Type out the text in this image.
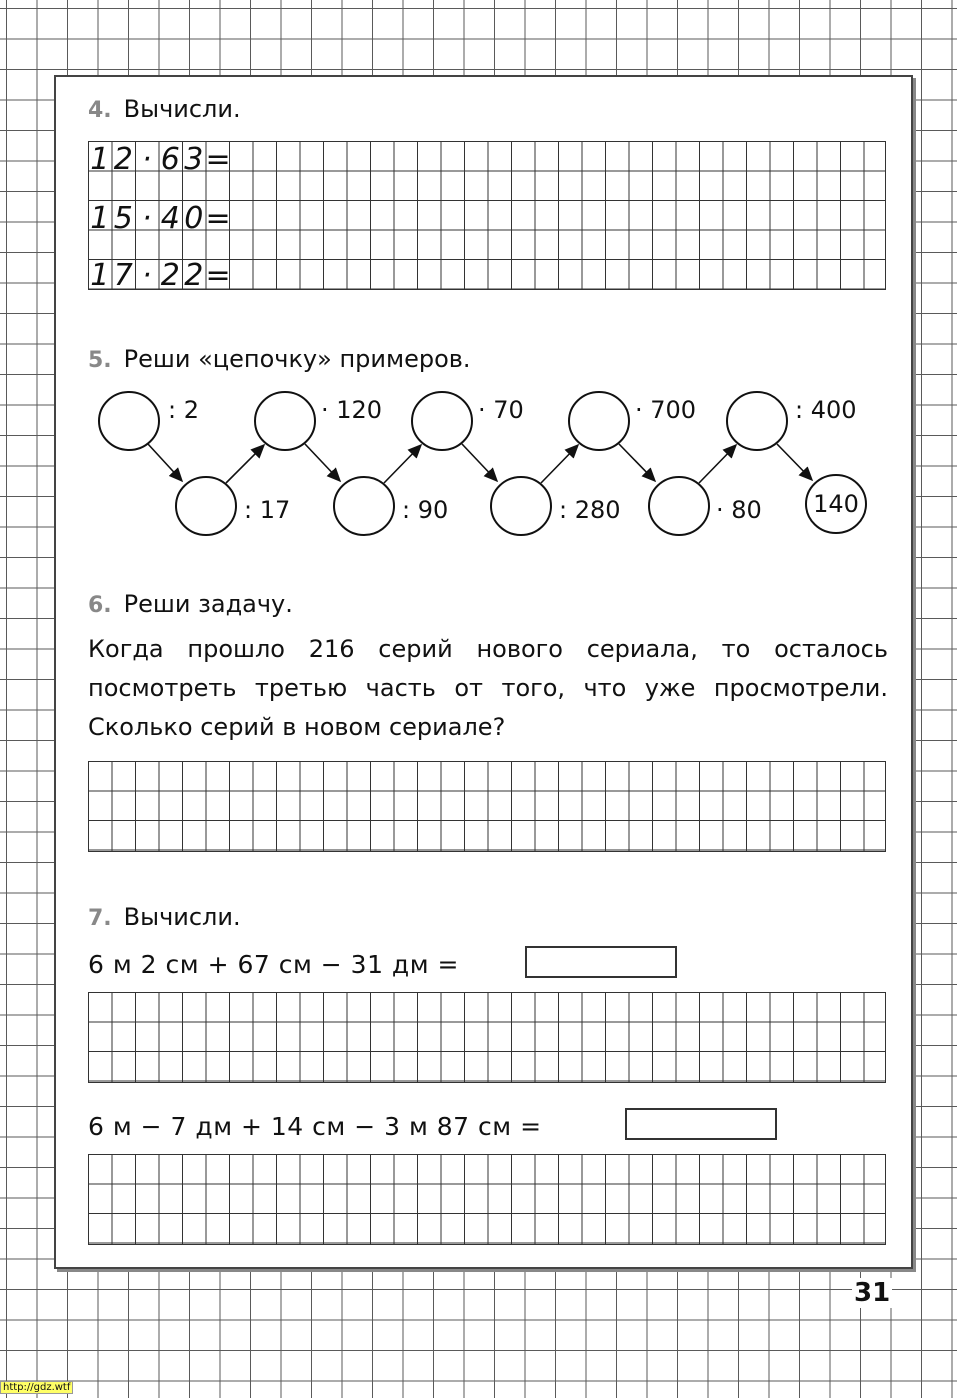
4. Вычисли.
1 2 · 6 3=
1 5 · 4 0=
1 7 · 2 2=
5. Реши «цепочку» примеров.
: 2	· 120	· 70	· 700	: 400
: 17	: 90	: 280	· 80 140
6. Реши задачу.
Когда прошло 216 серий нового сериала, то осталось посмотреть третью часть от того, что уже просмотрели. Сколько серий в новом сериале?
7. Вычисли.
6 м 2 см + 67 см − 31 дм =
6 м − 7 дм + 14 см − 3 м 87 см =
31
http://gdz.wtf
